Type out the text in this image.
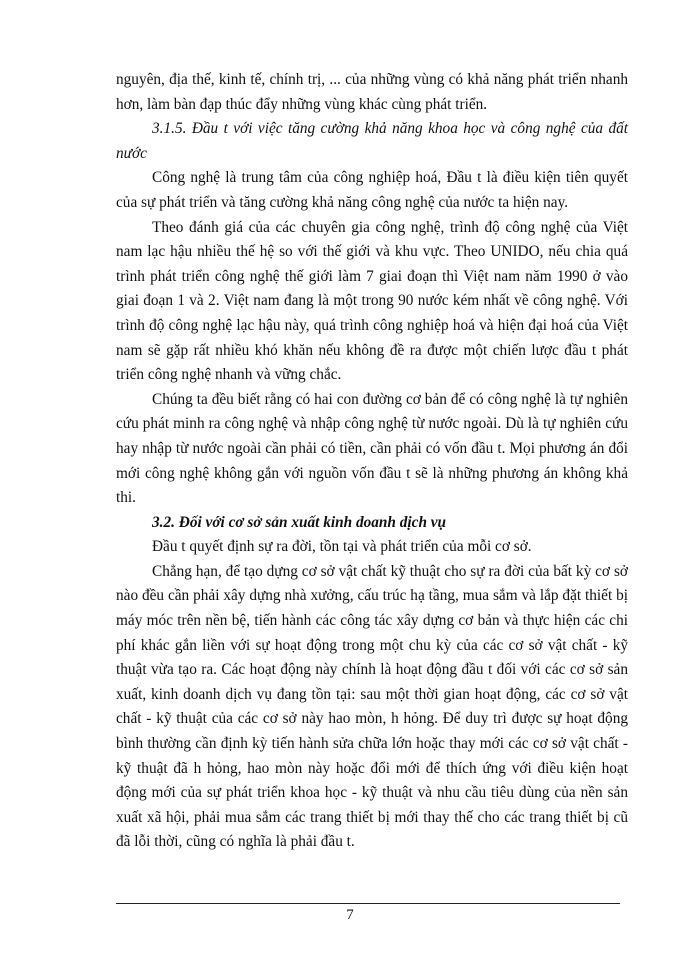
nguyên, địa thế, kinh tế, chính trị, ... của những vùng có khả năng phát triển nhanh hơn, làm bàn đạp thúc đẩy những vùng khác cùng phát triển.

3.1.5. Đầu t với việc tăng cường khả năng khoa học và công nghệ của đất nước

Công nghệ là trung tâm của công nghiệp hoá, Đầu t là điều kiện tiên quyết của sự phát triển và tăng cường khả năng công nghệ của nước ta hiện nay.

Theo đánh giá của các chuyên gia công nghệ, trình độ công nghệ của Việt nam lạc hậu nhiều thế hệ so với thế giới và khu vực. Theo UNIDO, nếu chia quá trình phát triển công nghệ thế giới làm 7 giai đoạn thì Việt nam năm 1990 ở vào giai đoạn 1 và 2. Việt nam đang là một trong 90 nước kém nhất về công nghệ. Với trình độ công nghệ lạc hậu này, quá trình công nghiệp hoá và hiện đại hoá của Việt nam sẽ gặp rất nhiều khó khăn nếu không đề ra được một chiến lược đầu t phát triển công nghệ nhanh và vững chắc.

Chúng ta đều biết rằng có hai con đường cơ bản để có công nghệ là tự nghiên cứu phát minh ra công nghệ và nhập công nghệ từ nước ngoài. Dù là tự nghiên cứu hay nhập từ nước ngoài cần phải có tiền, cần phải có vốn đầu t. Mọi phương án đổi mới công nghệ không gắn với nguồn vốn đầu t sẽ là những phương án không khả thi.

3.2. Đối với cơ sở sản xuất kinh doanh dịch vụ

Đầu t quyết định sự ra đời, tồn tại và phát triển của mỗi cơ sở.

Chẳng hạn, để tạo dựng cơ sở vật chất kỹ thuật cho sự ra đời của bất kỳ cơ sở nào đều cần phải xây dựng nhà xưởng, cấu trúc hạ tầng, mua sắm và lắp đặt thiết bị máy móc trên nền bệ, tiến hành các công tác xây dựng cơ bản và thực hiện các chi phí khác gắn liền với sự hoạt động trong một chu kỳ của các cơ sở vật chất - kỹ thuật vừa tạo ra. Các hoạt động này chính là hoạt động đầu t đối với các cơ sở sản xuất, kinh doanh dịch vụ đang tồn tại: sau một thời gian hoạt động, các cơ sở vật chất - kỹ thuật của các cơ sở này hao mòn, h hỏng. Để duy trì được sự hoạt động bình thường cần định kỳ tiến hành sửa chữa lớn hoặc thay mới các cơ sở vật chất - kỹ thuật đã h hỏng, hao mòn này hoặc đổi mới để thích ứng với điều kiện hoạt động mới của sự phát triển khoa học - kỹ thuật và nhu cầu tiêu dùng của nền sản xuất xã hội, phải mua sắm các trang thiết bị mới thay thế cho các trang thiết bị cũ đã lỗi thời, cũng có nghĩa là phải đầu t.

7
